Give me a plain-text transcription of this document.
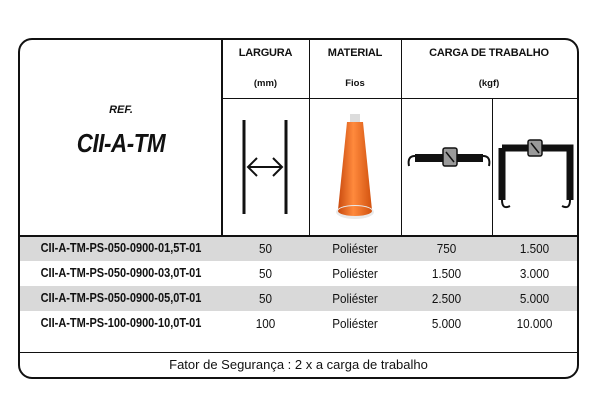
REF.
CII-A-TM
LARGURA
(mm)
MATERIAL
Fios
CARGA DE TRABALHO
(kgf)
CII-A-TM-PS-050-0900-01,5T-01	50	Poliéster	750	1.500
CII-A-TM-PS-050-0900-03,0T-01	50	Poliéster	1.500	3.000
CII-A-TM-PS-050-0900-05,0T-01	50	Poliéster	2.500	5.000
CII-A-TM-PS-100-0900-10,0T-01	100	Poliéster	5.000	10.000
Fator de Segurança : 2 x a carga de trabalho
